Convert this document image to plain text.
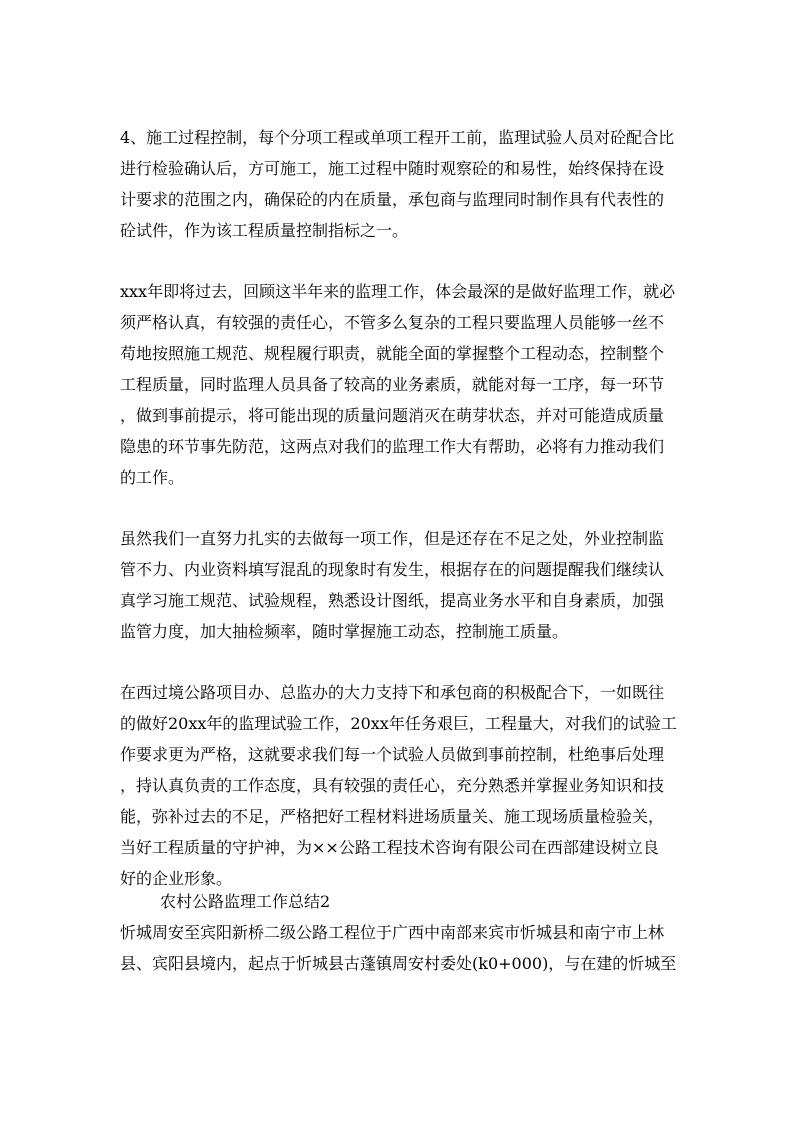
4、施工过程控制，每个分项工程或单项工程开工前，监理试验人员对砼配合比
进行检验确认后，方可施工，施工过程中随时观察砼的和易性，始终保持在设
计要求的范围之内，确保砼的内在质量，承包商与监理同时制作具有代表性的
砼试件，作为该工程质量控制指标之一。
xxx年即将过去，回顾这半年来的监理工作，体会最深的是做好监理工作，就必
须严格认真，有较强的责任心，不管多么复杂的工程只要监理人员能够一丝不
苟地按照施工规范、规程履行职责，就能全面的掌握整个工程动态，控制整个
工程质量，同时监理人员具备了较高的业务素质，就能对每一工序，每一环节
，做到事前提示，将可能出现的质量问题消灭在萌芽状态，并对可能造成质量
隐患的环节事先防范，这两点对我们的监理工作大有帮助，必将有力推动我们
的工作。
虽然我们一直努力扎实的去做每一项工作，但是还存在不足之处，外业控制监
管不力、内业资料填写混乱的现象时有发生，根据存在的问题提醒我们继续认
真学习施工规范、试验规程，熟悉设计图纸，提高业务水平和自身素质，加强
监管力度，加大抽检频率，随时掌握施工动态，控制施工质量。
在西过境公路项目办、总监办的大力支持下和承包商的积极配合下，一如既往
的做好20xx年的监理试验工作，20xx年任务艰巨，工程量大，对我们的试验工
作要求更为严格，这就要求我们每一个试验人员做到事前控制，杜绝事后处理
，持认真负责的工作态度，具有较强的责任心，充分熟悉并掌握业务知识和技
能，弥补过去的不足，严格把好工程材料进场质量关、施工现场质量检验关，
当好工程质量的守护神，为××公路工程技术咨询有限公司在西部建设树立良
好的企业形象。
农村公路监理工作总结2
忻城周安至宾阳新桥二级公路工程位于广西中南部来宾市忻城县和南宁市上林
县、宾阳县境内，起点于忻城县古蓬镇周安村委处(k0+000)，与在建的忻城至
